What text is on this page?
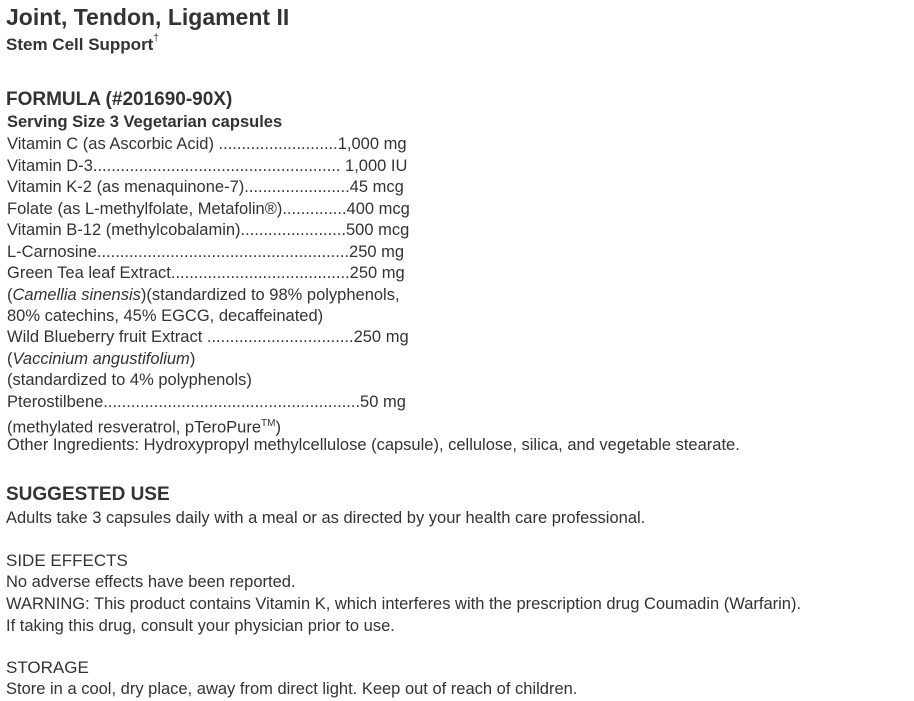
Joint, Tendon, Ligament II
Stem Cell Support†
FORMULA (#201690-90X)
Serving Size 3 Vegetarian capsules
Vitamin C (as Ascorbic Acid) ..........................1,000 mg
Vitamin D-3...................................................... 1,000 IU
Vitamin K-2 (as menaquinone-7).......................45 mcg
Folate (as L-methylfolate, Metafolin®)..............400 mcg
Vitamin B-12 (methylcobalamin).......................500 mcg
L-Carnosine.......................................................250 mg
Green Tea leaf Extract.......................................250 mg
(Camellia sinensis)(standardized to 98% polyphenols,
80% catechins, 45% EGCG, decaffeinated)
Wild Blueberry fruit Extract ................................250 mg
(Vaccinium angustifolium)
(standardized to 4% polyphenols)
Pterostilbene........................................................50 mg
(methylated resveratrol, pTeroPure™)
Other Ingredients: Hydroxypropyl methylcellulose (capsule), cellulose, silica, and vegetable stearate.
SUGGESTED USE
Adults take 3 capsules daily with a meal or as directed by your health care professional.
SIDE EFFECTS
No adverse effects have been reported.
WARNING: This product contains Vitamin K, which interferes with the prescription drug Coumadin (Warfarin).
If taking this drug, consult your physician prior to use.
STORAGE
Store in a cool, dry place, away from direct light. Keep out of reach of children.
